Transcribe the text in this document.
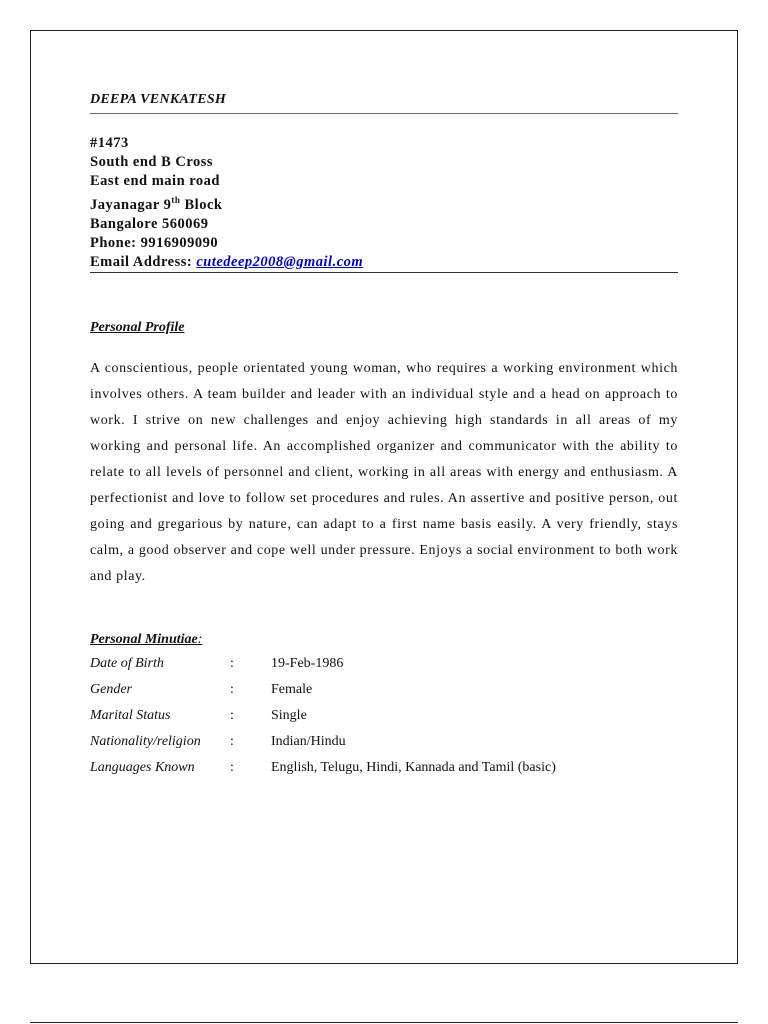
DEEPA VENKATESH
#1473
South end B Cross
East end main road
Jayanagar 9th Block
Bangalore 560069
Phone: 9916909090
Email Address: cutedeep2008@gmail.com
Personal Profile
A conscientious, people orientated young woman, who requires a working environment which involves others. A team builder and leader with an individual style and a head on approach to work. I strive on new challenges and enjoy achieving high standards in all areas of my working and personal life. An accomplished organizer and communicator with the ability to relate to all levels of personnel and client, working in all areas with energy and enthusiasm. A perfectionist and love to follow set procedures and rules. An assertive and positive person, out going and gregarious by nature, can adapt to a first name basis easily. A very friendly, stays calm, a good observer and cope well under pressure. Enjoys a social environment to both work and play.
Personal Minutiae:
Date of Birth	:	19-Feb-1986
Gender	:	Female
Marital Status	:	Single
Nationality/religion :	Indian/Hindu
Languages Known	:	English, Telugu, Hindi, Kannada and Tamil (basic)
